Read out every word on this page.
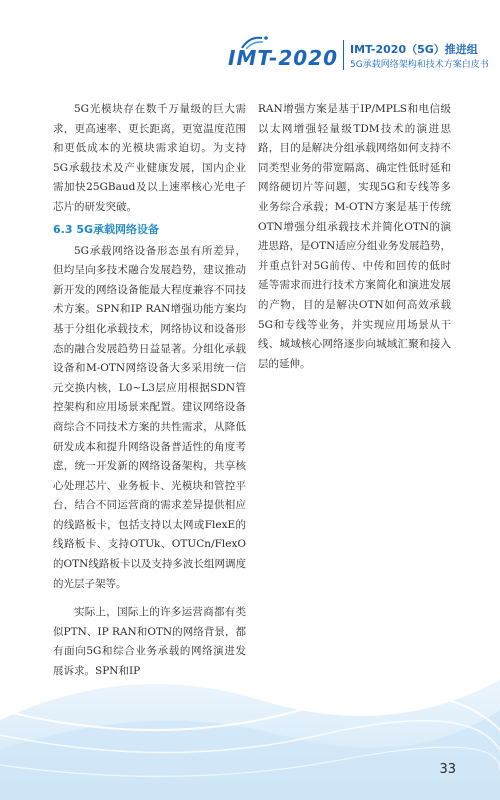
IMT-2020 IMT-2020（5G）推进组
5G承载网络架构和技术方案白皮书

5G光模块存在数千万量级的巨大需求，更高速率、更长距离，更宽温度范围和更低成本的光模块需求迫切。为支持5G承载技术及产业健康发展，国内企业需加快25GBaud及以上速率核心光电子芯片的研发突破。

6.3 5G承载网络设备

5G承载网络设备形态虽有所差异，但均呈向多技术融合发展趋势，建议推动新开发的网络设备能最大程度兼容不同技术方案。SPN和IP RAN增强功能方案均基于分组化承载技术，网络协议和设备形态的融合发展趋势日益显著。分组化承载设备和M-OTN网络设备大多采用统一信元交换内核，L0~L3层应用根据SDN管控架构和应用场景来配置。建议网络设备商综合不同技术方案的共性需求，从降低研发成本和提升网络设备普适性的角度考虑，统一开发新的网络设备架构，共享核心处理芯片、业务板卡、光模块和管控平台，结合不同运营商的需求差异提供相应的线路板卡，包括支持以太网或FlexE的线路板卡、支持OTUk、OTUCn/FlexO的OTN线路板卡以及支持多波长组网调度的光层子架等。

实际上，国际上的许多运营商都有类似PTN、IP RAN和OTN的网络背景，都有面向5G和综合业务承载的网络演进发展诉求。SPN和IP

RAN增强方案是基于IP/MPLS和电信级以太网增强轻量级TDM技术的演进思路，目的是解决分组承载网络如何支持不同类型业务的带宽隔离、确定性低时延和网络硬切片等问题，实现5G和专线等多业务综合承载；M-OTN方案是基于传统OTN增强分组承载技术并简化OTN的演进思路，是OTN适应分组业务发展趋势，并重点针对5G前传、中传和回传的低时延等需求而进行技术方案简化和演进发展的产物，目的是解决OTN如何高效承载5G和专线等业务，并实现应用场景从干线、城域核心网络逐步向城域汇聚和接入层的延伸。

33
